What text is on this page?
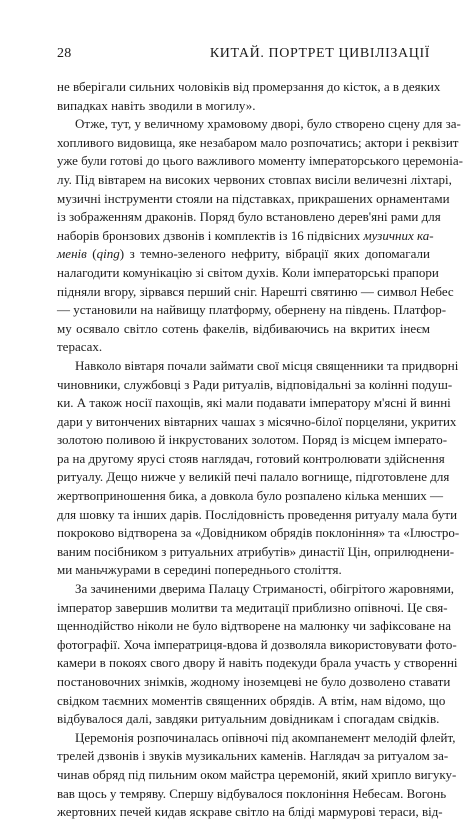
28	КИТАЙ. ПОРТРЕТ ЦИВІЛІЗАЦІЇ
не вберігали сильних чоловіків від промерзання до кісток, а в деяких
випадках навіть зводили в могилу».
Отже, тут, у величному храмовому дворі, було створено сцену для за-
хопливого видовища, яке незабаром мало розпочатись; актори і реквізит
уже були готові до цього важливого моменту імператорського церемоніа-
лу. Під вівтарем на високих червоних стовпах висіли величезні ліхтарі,
музичні інструменти стояли на підставках, прикрашених орнаментами
із зображенням драконів. Поряд було встановлено дерев'яні рами для
наборів бронзових дзвонів і комплектів із 16 підвісних музичних ка-
менів (qing) з темно-зеленого нефриту, вібрації яких допомагали
налагодити комунікацію зі світом духів. Коли імператорські прапори
підняли вгору, зірвався перший сніг. Нарешті святиню — символ Небес
— установили на найвищу платформу, обернену на південь. Платфор-
му осявало світло сотень факелів, відбиваючись на вкритих інеєм
терасах.
Навколо вівтаря почали займати свої місця священники та придворні
чиновники, службовці з Ради ритуалів, відповідальні за колінні подуш-
ки. А також носії пахощів, які мали подавати імператору м'ясні й винні
дари у витончених вівтарних чашах з місячно-білої порцеляни, укритих
золотою поливою й інкрустованих золотом. Поряд із місцем імперато-
ра на другому ярусі стояв наглядач, готовий контролювати здійснення
ритуалу. Дещо нижче у великій печі палало вогнище, підготовлене для
жертвоприношення бика, а довкола було розпалено кілька менших —
для шовку та інших дарів. Послідовність проведення ритуалу мала бути
покроково відтворена за «Довідником обрядів поклоніння» та «Ілюстро-
ваним посібником з ритуальних атрибутів» династії Цін, оприлюднени-
ми маньчжурами в середині попереднього століття.
За зачиненими дверима Палацу Стриманості, обігрітого жаровнями,
імператор завершив молитви та медитації приблизно опівночі. Це свя-
щеннодійство ніколи не було відтворене на малюнку чи зафіксоване на
фотографії. Хоча імператриця-вдова й дозволяла використовувати фото-
камери в покоях свого двору й навіть подекуди брала участь у створенні
постановочних знімків, жодному іноземцеві не було дозволено ставати
свідком таємних моментів священних обрядів. А втім, нам відомо, що
відбувалося далі, завдяки ритуальним довідникам і спогадам свідків.
Церемонія розпочиналась опівночі під акомпанемент мелодій флейт,
трелей дзвонів і звуків музикальних каменів. Наглядач за ритуалом за-
чинав обряд під пильним оком майстра церемоній, який хрипло вигуку-
вав щось у темряву. Спершу відбувалося поклоніння Небесам. Вогонь
жертовних печей кидав яскраве світло на бліді мармурові тераси, від-
